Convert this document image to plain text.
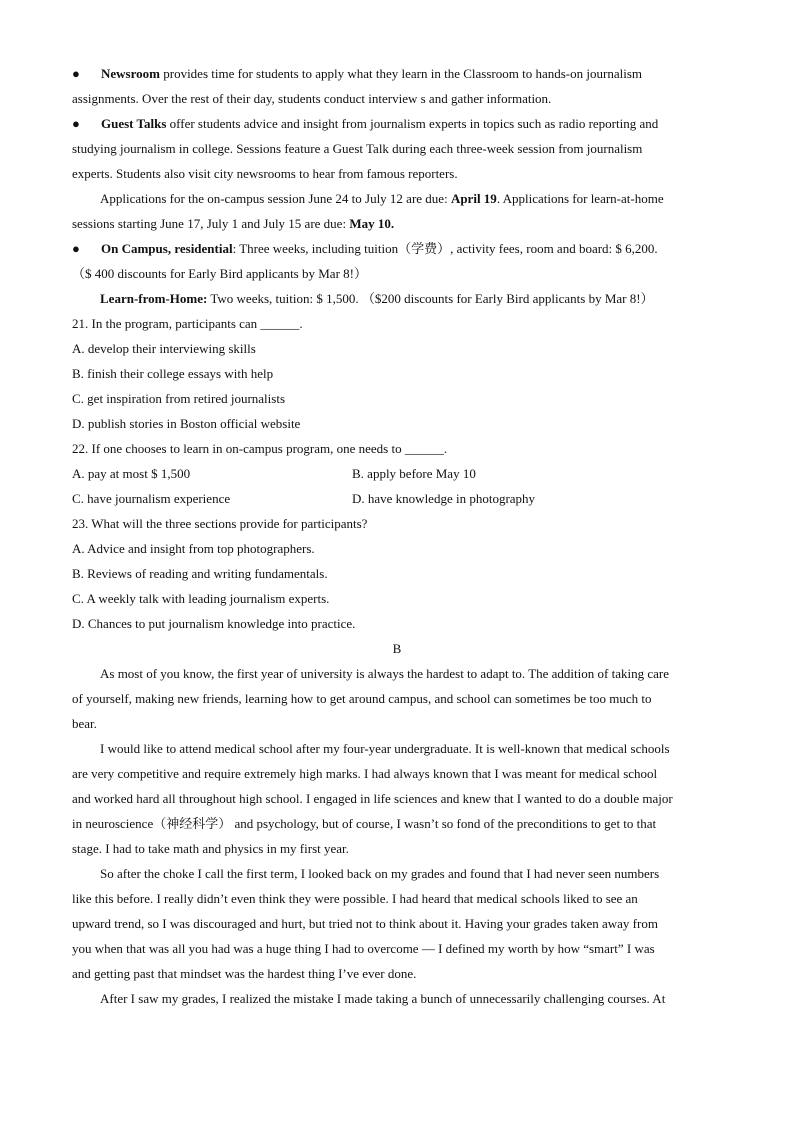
● Newsroom provides time for students to apply what they learn in the Classroom to hands-on journalism
assignments. Over the rest of their day, students conduct interview s and gather information.
● Guest Talks offer students advice and insight from journalism experts in topics such as radio reporting and
studying journalism in college. Sessions feature a Guest Talk during each three-week session from journalism
experts. Students also visit city newsrooms to hear from famous reporters.
Applications for the on-campus session June 24 to July 12 are due: April 19. Applications for learn-at-home
sessions starting June 17, July 1 and July 15 are due: May 10.
● On Campus, residential: Three weeks, including tuition（学费）, activity fees, room and board: $ 6,200.
（$ 400 discounts for Early Bird applicants by Mar 8!）
Learn-from-Home: Two weeks, tuition: $ 1,500. （$200 discounts for Early Bird applicants by Mar 8!）
21. In the program, participants can ______.
A. develop their interviewing skills
B. finish their college essays with help
C. get inspiration from retired journalists
D. publish stories in Boston official website
22. If one chooses to learn in on-campus program, one needs to ______.
A. pay at most $ 1,500	B. apply before May 10
C. have journalism experience	D. have knowledge in photography
23. What will the three sections provide for participants?
A. Advice and insight from top photographers.
B. Reviews of reading and writing fundamentals.
C. A weekly talk with leading journalism experts.
D. Chances to put journalism knowledge into practice.
B
As most of you know, the first year of university is always the hardest to adapt to. The addition of taking care
of yourself, making new friends, learning how to get around campus, and school can sometimes be too much to
bear.
I would like to attend medical school after my four-year undergraduate. It is well-known that medical schools
are very competitive and require extremely high marks. I had always known that I was meant for medical school
and worked hard all throughout high school. I engaged in life sciences and knew that I wanted to do a double major
in neuroscience（神经科学） and psychology, but of course, I wasn’t so fond of the preconditions to get to that
stage. I had to take math and physics in my first year.
So after the choke I call the first term, I looked back on my grades and found that I had never seen numbers
like this before. I really didn’t even think they were possible. I had heard that medical schools liked to see an
upward trend, so I was discouraged and hurt, but tried not to think about it. Having your grades taken away from
you when that was all you had was a huge thing I had to overcome — I defined my worth by how “smart” I was
and getting past that mindset was the hardest thing I’ve ever done.
After I saw my grades, I realized the mistake I made taking a bunch of unnecessarily challenging courses. At
